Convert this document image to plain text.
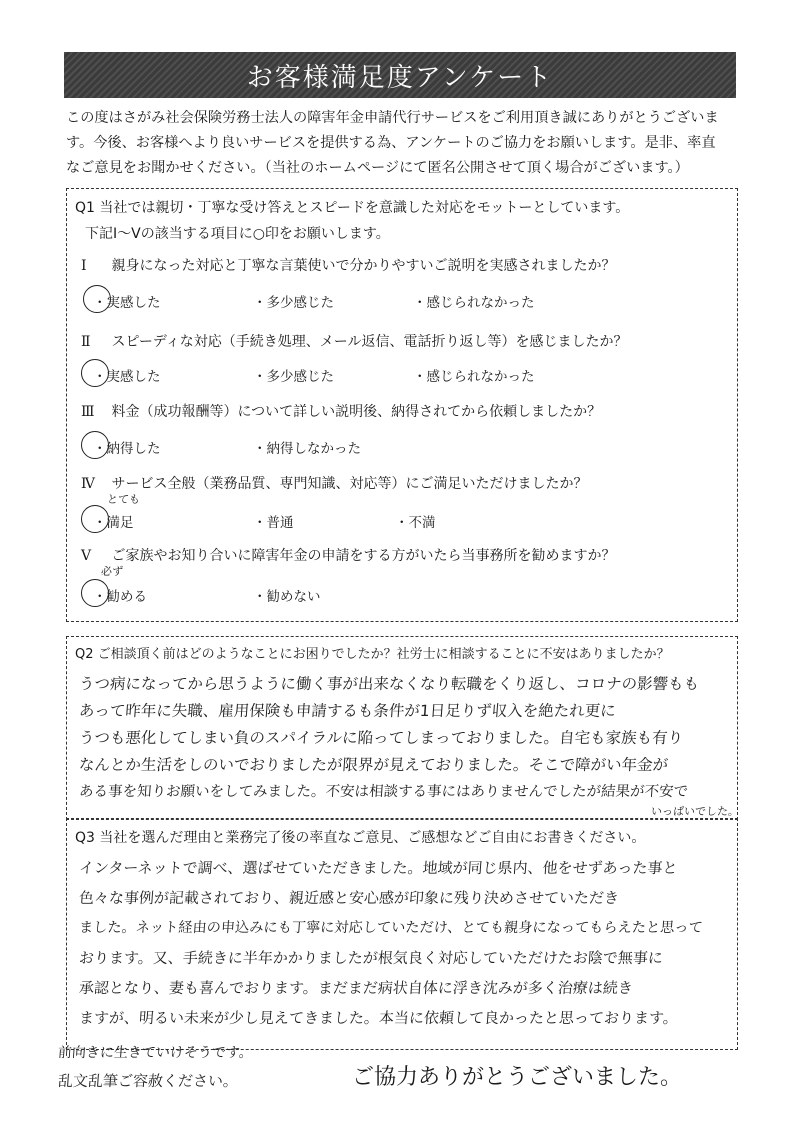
お客様満足度アンケート
この度はさがみ社会保険労務士法人の障害年金申請代行サービスをご利用頂き誠にありがとうございま
す。今後、お客様へより良いサービスを提供する為、アンケートのご協力をお願いします。是非、率直
なご意見をお聞かせください。（当社のホームページにて匿名公開させて頂く場合がございます。）
Q1 当社では親切・丁寧な受け答えとスピードを意識した対応をモットーとしています。
下記Ⅰ～Ⅴの該当する項目に○印をお願いします。
Ⅰ 親身になった対応と丁寧な言葉使いで分かりやすいご説明を実感されましたか？
・実感した	・多少感じた	・感じられなかった
Ⅱ スピーディな対応（手続き処理、メール返信、電話折り返し等）を感じましたか？
・実感した	・多少感じた	・感じられなかった
Ⅲ 料金（成功報酬等）について詳しい説明後、納得されてから依頼しましたか？
・納得した	・納得しなかった
Ⅳ サービス全般（業務品質、専門知識、対応等）にご満足いただけましたか？
とても
・満足	・普通	・不満
Ⅴ ご家族やお知り合いに障害年金の申請をする方がいたら当事務所を勧めますか？
必ず
・勧める	・勧めない
Q2 ご相談頂く前はどのようなことにお困りでしたか？社労士に相談することに不安はありましたか？
うつ病になってから思うように働く事が出来なくなり転職をくり返し、コロナの影響もも
あって昨年に失職、雇用保険も申請するも条件が1日足りず収入を絶たれ更に
うつも悪化してしまい負のスパイラルに陥ってしまっておりました。自宅も家族も有り
なんとか生活をしのいでおりましたが限界が見えておりました。そこで障がい年金が
ある事を知りお願いをしてみました。不安は相談する事にはありませんでしたが結果が不安で
いっぱいでした。
Q3 当社を選んだ理由と業務完了後の率直なご意見、ご感想などご自由にお書きください。
インターネットで調べ、選ばせていただきました。地域が同じ県内、他をせずあった事と
色々な事例が記載されており、親近感と安心感が印象に残り決めさせていただき
ました。ネット経由の申込みにも丁寧に対応していただけ、とても親身になってもらえたと思って
おります。又、手続きに半年かかりましたが根気良く対応していただけたお陰で無事に
承認となり、妻も喜んでおります。まだまだ病状自体に浮き沈みが多く治療は続き
ますが、明るい未来が少し見えてきました。本当に依頼して良かったと思っております。
前向きに生きていけそうです。
乱文乱筆ご容赦ください。	ご協力ありがとうございました。
